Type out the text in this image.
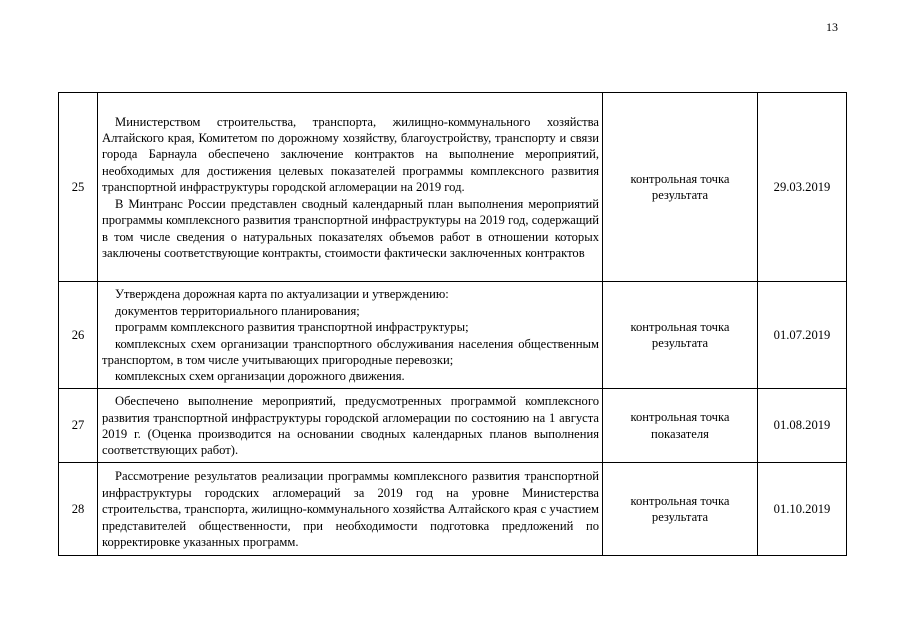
13
25	Министерством строительства, транспорта, жилищно-коммунального хозяйства Алтайского края, Комитетом по дорожному хозяйству, благоустройству, транспорту и связи города Барнаула обеспечено заключение контрактов на выполнение мероприятий, необходимых для достижения целевых показателей программы комплексного развития транспортной инфраструктуры городской агломерации на 2019 год.

В Минтранс России представлен сводный календарный план выполнения мероприятий программы комплексного развития транспортной инфраструктуры на 2019 год, содержащий в том числе сведения о натуральных показателях объемов работ в отношении которых заключены соответствующие контракты, стоимости фактически заключенных контрактов	контрольная точка результата	29.03.2019
26	Утверждена дорожная карта по актуализации и утверждению:

документов территориального планирования;

программ комплексного развития транспортной инфраструктуры;

комплексных схем организации транспортного обслуживания населения общественным транспортом, в том числе учитывающих пригородные перевозки;

комплексных схем организации дорожного движения.	контрольная точка результата	01.07.2019
27	Обеспечено выполнение мероприятий, предусмотренных программой комплексного развития транспортной инфраструктуры городской агломерации по состоянию на 1 августа 2019 г. (Оценка производится на основании сводных календарных планов выполнения соответствующих работ).	контрольная точка показателя	01.08.2019
28	Рассмотрение результатов реализации программы комплексного развития транспортной инфраструктуры городских агломераций за 2019 год на уровне Министерства строительства, транспорта, жилищно-коммунального хозяйства Алтайского края с участием представителей общественности, при необходимости подготовка предложений по корректировке указанных программ.	контрольная точка результата	01.10.2019
